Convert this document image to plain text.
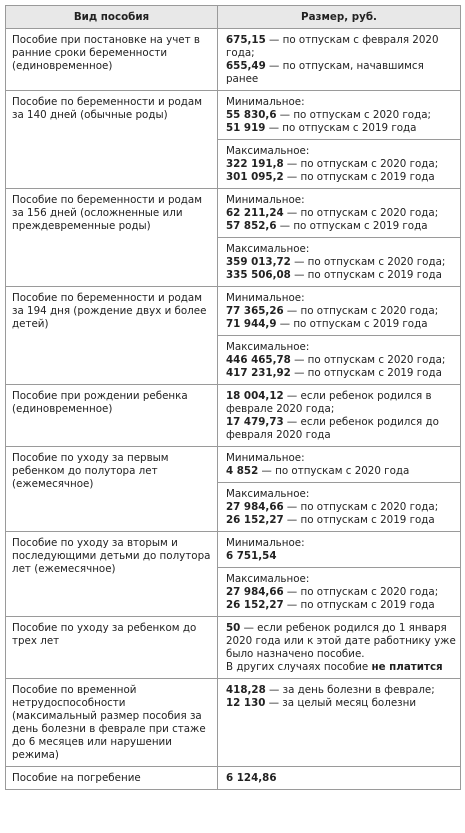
Вид пособия	Размер, руб.
Пособие при постановке на учет в ранние сроки беременности (единовременное)	675,15 — по отпускам с февраля 2020 года;
655,49 — по отпускам, начавшимся ранее

Пособие по беременности и родам за 140 дней (обычные роды)	Минимальное:
55 830,6 — по отпускам с 2020 года;
51 919 — по отпускам с 2019 года

	Максимальное:
322 191,8 — по отпускам с 2020 года;
301 095,2 — по отпускам с 2019 года

Пособие по беременности и родам за 156 дней (осложненные или преждевременные роды)	Минимальное:
62 211,24 — по отпускам с 2020 года;
57 852,6 — по отпускам с 2019 года

	Максимальное:
359 013,72 — по отпускам с 2020 года;
335 506,08 — по отпускам с 2019 года

Пособие по беременности и родам за 194 дня (рождение двух и более детей)	Минимальное:
77 365,26 — по отпускам с 2020 года;
71 944,9 — по отпускам с 2019 года

	Максимальное:
446 465,78 — по отпускам с 2020 года;
417 231,92 — по отпускам с 2019 года

Пособие при рождении ребенка (единовременное)	18 004,12 — если ребенок родился в феврале 2020 года;
17 479,73 — если ребенок родился до февраля 2020 года

Пособие по уходу за первым ребенком до полутора лет (ежемесячное)	Минимальное:
4 852 — по отпускам с 2020 года

	Максимальное:
27 984,66 — по отпускам с 2020 года;
26 152,27 — по отпускам с 2019 года

Пособие по уходу за вторым и последующими детьми до полутора лет (ежемесячное)	Минимальное:
6 751,54

	Максимальное:
27 984,66 — по отпускам с 2020 года;
26 152,27 — по отпускам с 2019 года

Пособие по уходу за ребенком до трех лет	50 — если ребенок родился до 1 января 2020 года или к этой дате работнику уже было назначено пособие.
В других случаях пособие не платится

Пособие по временной нетрудоспособности (максимальный размер пособия за день болезни в феврале при стаже до 6 месяцев или нарушении режима)	418,28 — за день болезни в феврале;
12 130 — за целый месяц болезни

Пособие на погребение	6 124,86
